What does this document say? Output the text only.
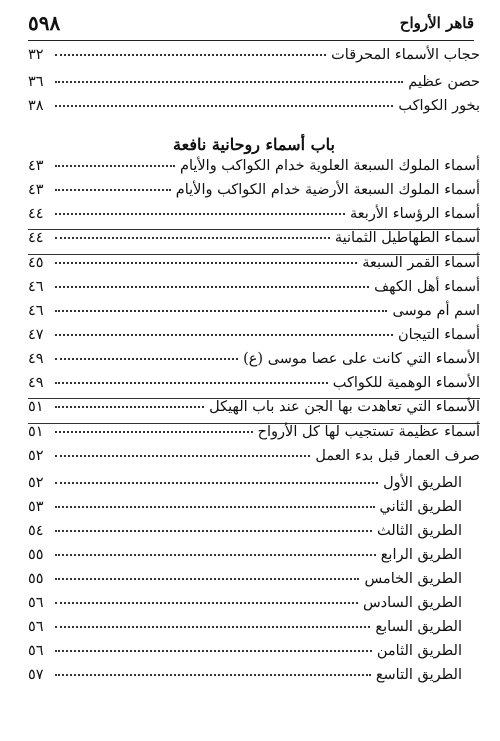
٥٩٨	قاهر الأرواح
حجاب الأسماء المحرقات
٣٢
حصن عظيم
٣٦
بخور الكواكب
٣٨
باب أسماء روحانية نافعة
أسماء الملوك السبعة العلوية خدام الكواكب والأيام
٤٣
أسماء الملوك السبعة الأرضية خدام الكواكب والأيام
٤٣
أسماء الرؤساء الأربعة
٤٤
أسماء الطهاطيل الثمانية
٤٤
أسماء القمر السبعة
٤٥
أسماء أهل الكهف
٤٦
اسم أم موسى
٤٦
أسماء التيجان
٤٧
الأسماء التي كانت على عصا موسى (ع)
٤٩
الأسماء الوهمية للكواكب
٤٩
الأسماء التي تعاهدت بها الجن عند باب الهيكل
٥١
أسماء عظيمة تستجيب لها كل الأرواح
٥١
صرف العمار قبل بدء العمل
٥٢
الطريق الأول
٥٢
الطريق الثاني
٥٣
الطريق الثالث
٥٤
الطريق الرابع
٥٥
الطريق الخامس
٥٥
الطريق السادس
٥٦
الطريق السابع
٥٦
الطريق الثامن
٥٦
الطريق التاسع
٥٧
